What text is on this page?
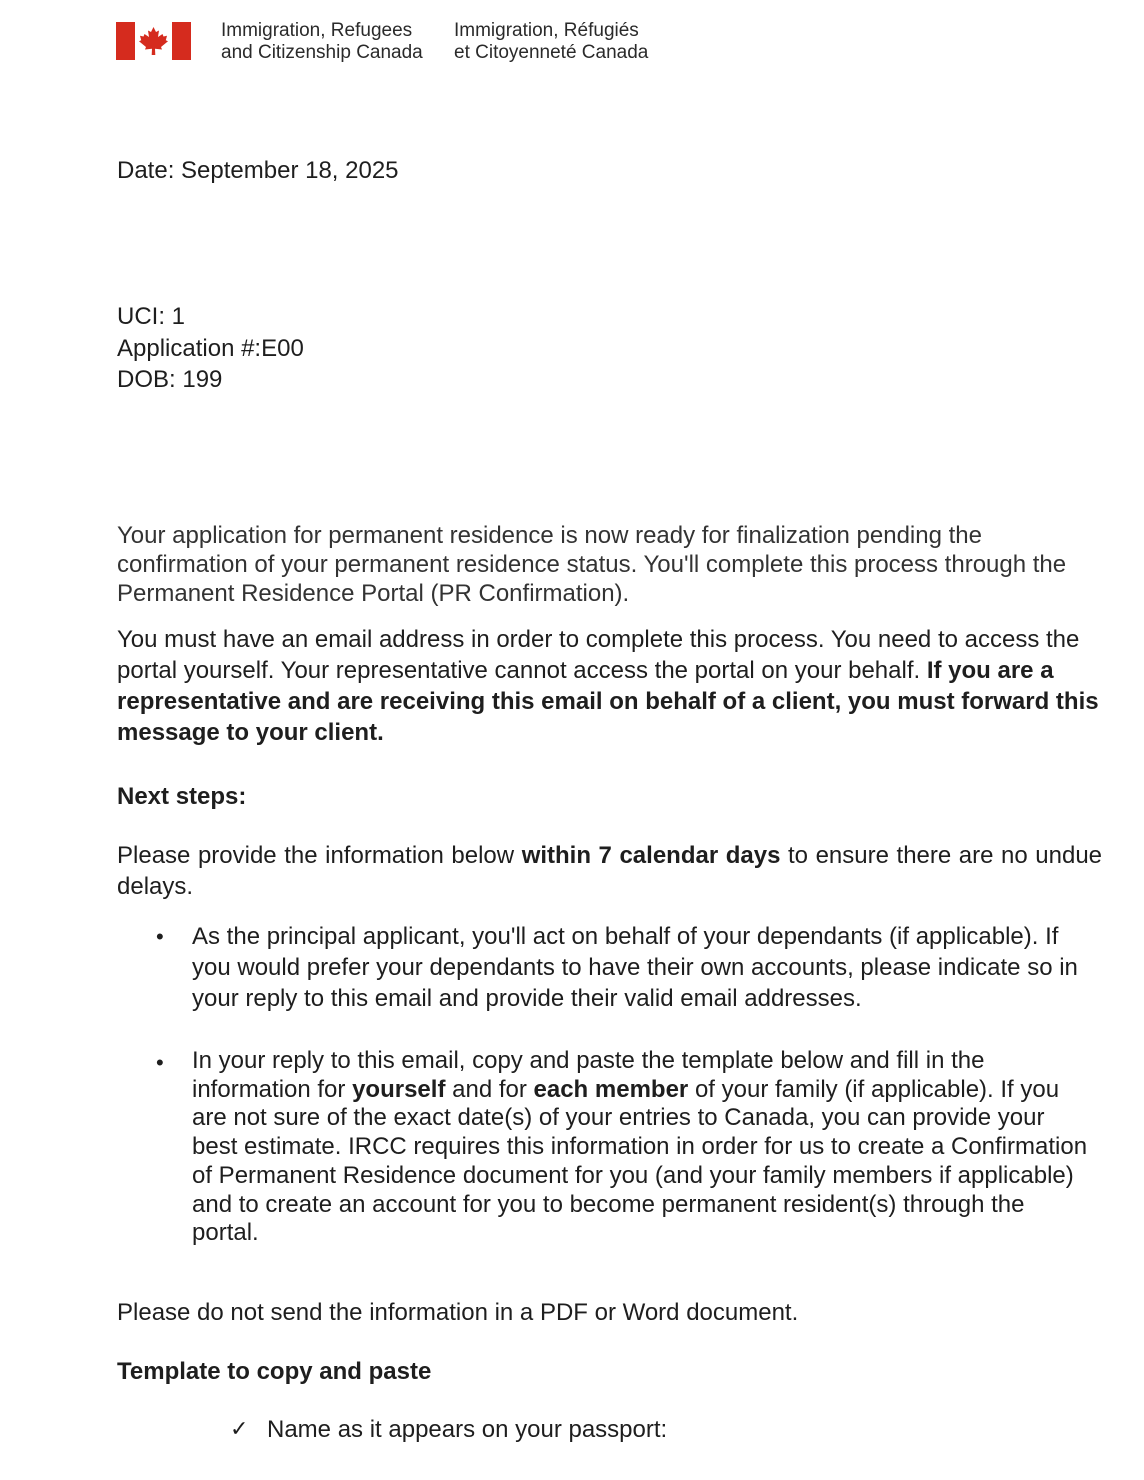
Immigration, Refugees
and Citizenship Canada
Immigration, Réfugiés
et Citoyenneté Canada
Date: September 18, 2025
UCI: 1
Application #:E00
DOB: 199
Your application for permanent residence is now ready for finalization pending the confirmation of your permanent residence status. You'll complete this process through the Permanent Residence Portal (PR Confirmation).
You must have an email address in order to complete this process. You need to access the portal yourself. Your representative cannot access the portal on your behalf. If you are a representative and are receiving this email on behalf of a client, you must forward this message to your client.
Next steps:
Please provide the information below within 7 calendar days to ensure there are no undue delays.
• As the principal applicant, you'll act on behalf of your dependants (if applicable). If you would prefer your dependants to have their own accounts, please indicate so in your reply to this email and provide their valid email addresses.
• In your reply to this email, copy and paste the template below and fill in the information for yourself and for each member of your family (if applicable). If you are not sure of the exact date(s) of your entries to Canada, you can provide your best estimate. IRCC requires this information in order for us to create a Confirmation of Permanent Residence document for you (and your family members if applicable) and to create an account for you to become permanent resident(s) through the portal.
Please do not send the information in a PDF or Word document.
Template to copy and paste
✓ Name as it appears on your passport:
